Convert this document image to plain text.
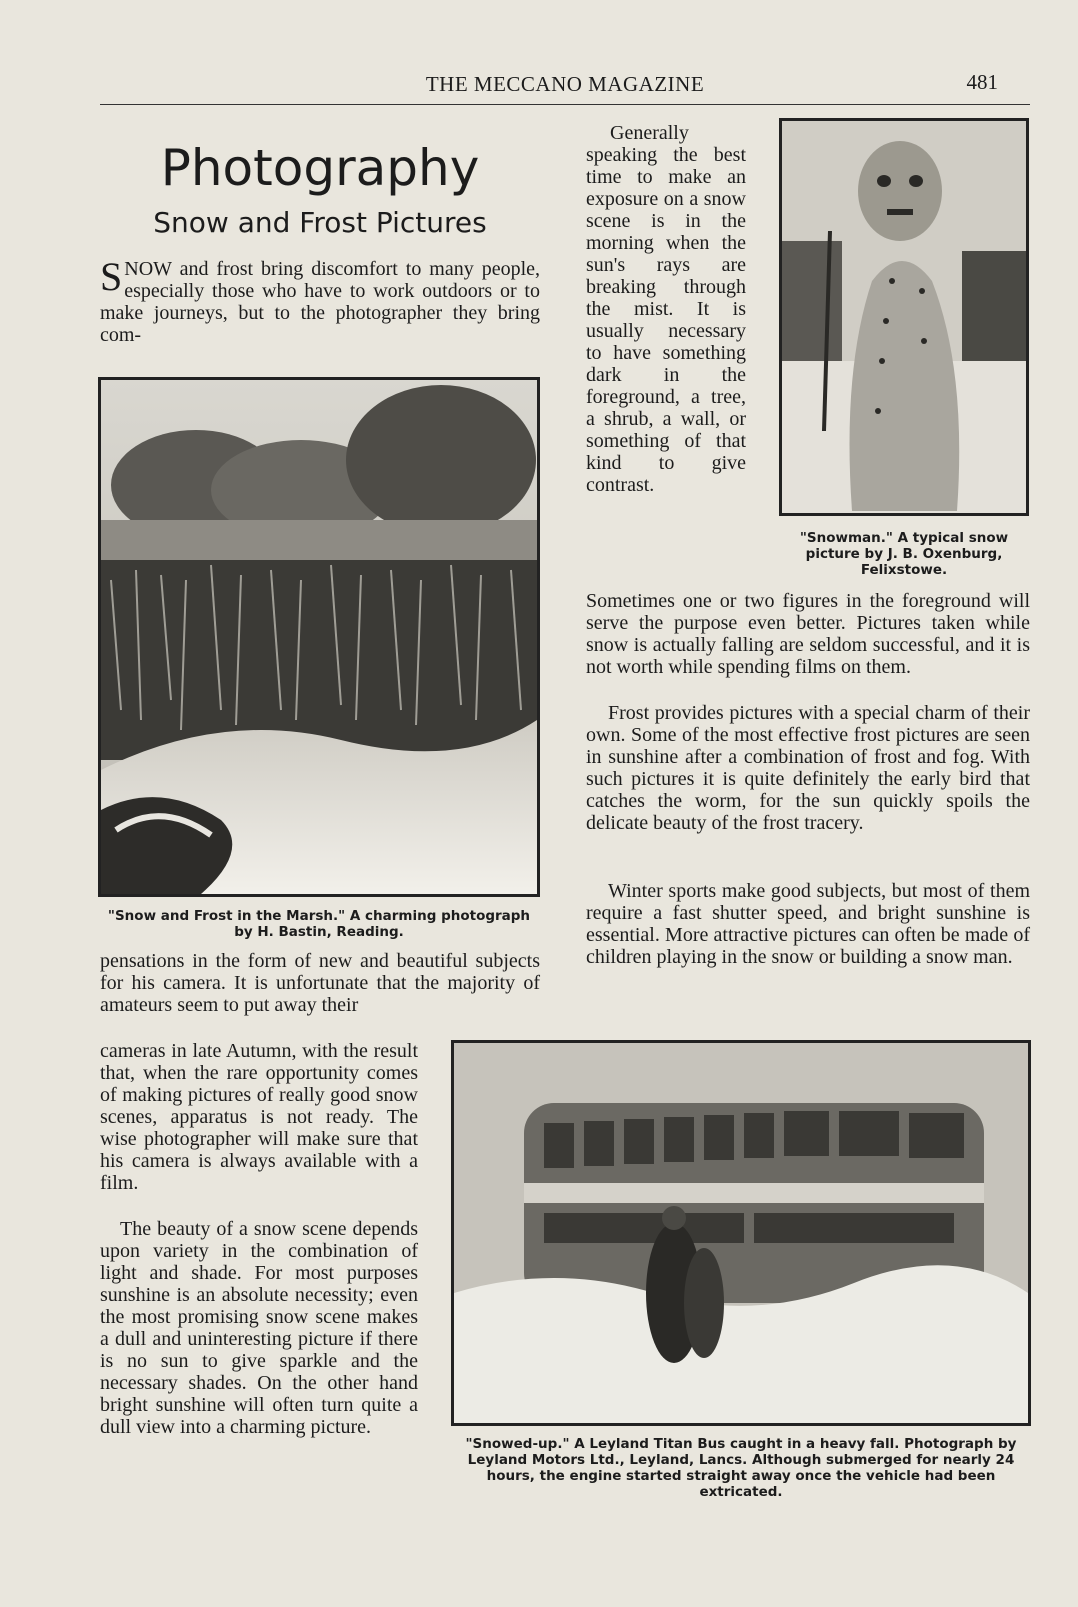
THE MECCANO MAGAZINE	481
Photography
Snow and Frost Pictures

SNOW and frost bring discomfort to many people, especially those who have to work outdoors or to make journeys, but to the photographer they bring com-

"Snow and Frost in the Marsh." A charming photograph by H. Bastin, Reading.

pensations in the form of new and beautiful subjects for his camera. It is unfortunate that the majority of amateurs seem to put away their

cameras in late Autumn, with the result that, when the rare opportunity comes of making pictures of really good snow scenes, apparatus is not ready. The wise photographer will make sure that his camera is always available with a film.

The beauty of a snow scene depends upon variety in the combination of light and shade. For most purposes sunshine is an absolute necessity; even the most promising snow scene makes a dull and uninteresting picture if there is no sun to give sparkle and the necessary shades. On the other hand bright sunshine will often turn quite a dull view into a charming picture.

Generally speaking the best time to make an exposure on a snow scene is in the morning when the sun's rays are breaking through the mist. It is usually necessary to have something dark in the foreground, a tree, a shrub, a wall, or something of that kind to give contrast.

"Snowman." A typical snow picture by J. B. Oxenburg, Felixstowe.

Sometimes one or two figures in the foreground will serve the purpose even better. Pictures taken while snow is actually falling are seldom successful, and it is not worth while spending films on them.

Frost provides pictures with a special charm of their own. Some of the most effective frost pictures are seen in sunshine after a combination of frost and fog. With such pictures it is quite definitely the early bird that catches the worm, for the sun quickly spoils the delicate beauty of the frost tracery.

Winter sports make good subjects, but most of them require a fast shutter speed, and bright sunshine is essential. More attractive pictures can often be made of children playing in the snow or building a snow man.

"Snowed-up." A Leyland Titan Bus caught in a heavy fall. Photograph by Leyland Motors Ltd., Leyland, Lancs. Although submerged for nearly 24 hours, the engine started straight away once the vehicle had been extricated.
